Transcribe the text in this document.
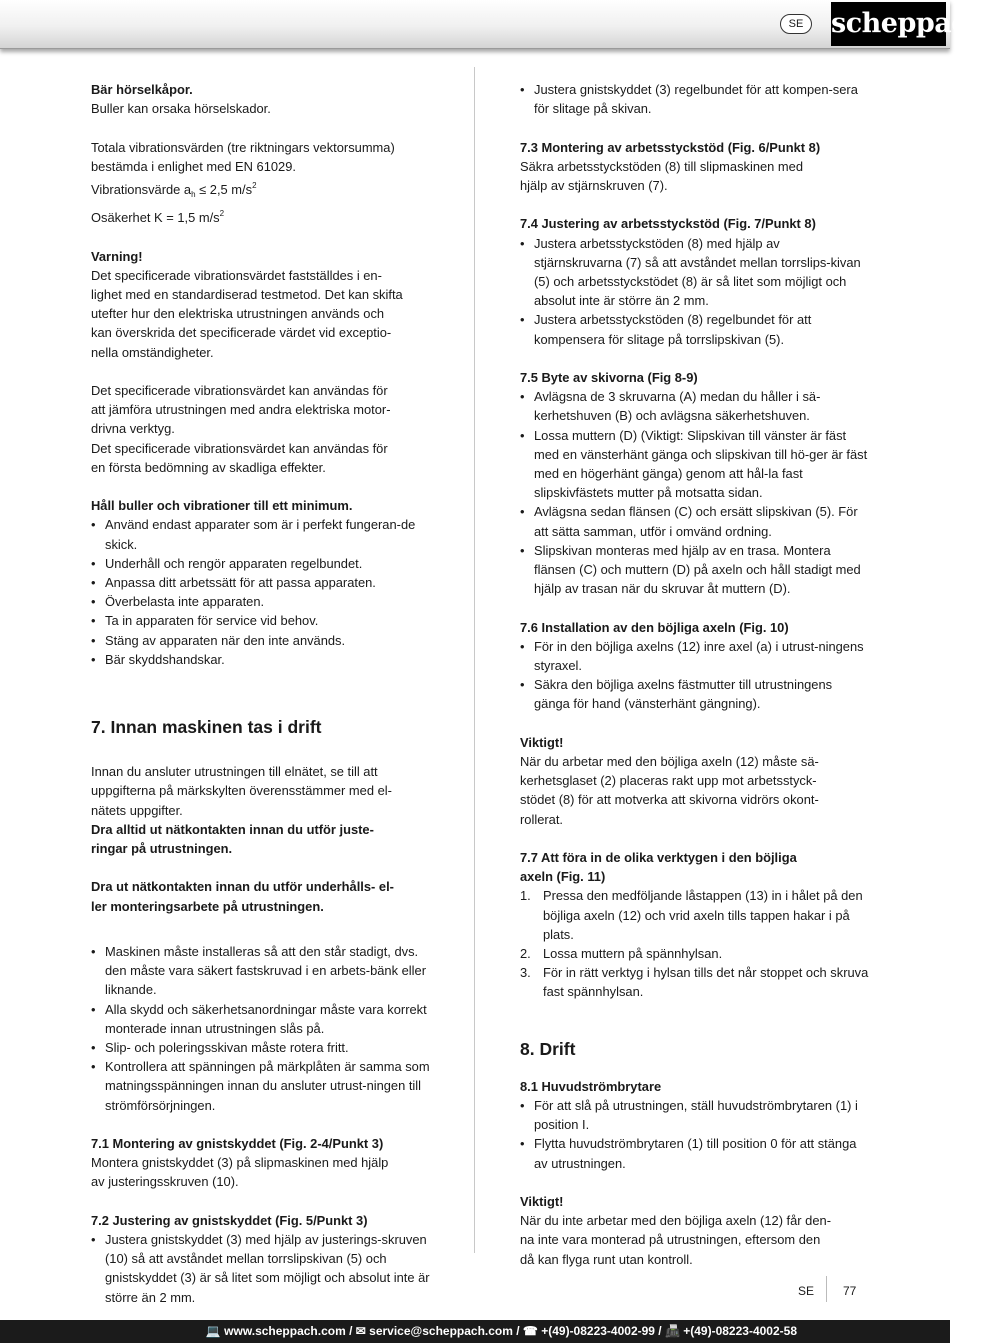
SE	scheppach

Bär hörselkåpor.

Buller kan orsaka hörselskador.

Totala vibrationsvärden (tre riktningars vektorsumma)

bestämda i enlighet med EN 61029.

Vibrationsvärde $a_h \le 2,5$ $m/s^2$

Osäkerhet K = 1,5 $m/s^2$

Varning!

Det specificerade vibrationsvärdet fastställdes i en-

lighet med en standardiserad testmetod. Det kan skifta

utefter hur den elektriska utrustningen används och

kan överskrida det specificerade värdet vid exceptio-

nella omständigheter.

Det specificerade vibrationsvärdet kan användas för

att jämföra utrustningen med andra elektriska motor-

drivna verktyg.

Det specificerade vibrationsvärdet kan användas för

en första bedömning av skadliga effekter.

Håll buller och vibrationer till ett minimum.

• Använd endast apparater som är i perfekt fungeran-de skick.
• Underhåll och rengör apparaten regelbundet.
• Anpassa ditt arbetssätt för att passa apparaten.
• Överbelasta inte apparaten.
• Ta in apparaten för service vid behov.
• Stäng av apparaten när den inte används.
• Bär skyddshandskar.

7. Innan maskinen tas i drift

Innan du ansluter utrustningen till elnätet, se till att

uppgifterna på märkskylten överensstämmer med el-

nätets uppgifter.

Dra alltid ut nätkontakten innan du utför juste-

ringar på utrustningen.

Dra ut nätkontakten innan du utför underhålls- el-

ler monteringsarbete på utrustningen.

• Maskinen måste installeras så att den står stadigt, dvs. den måste vara säkert fastskruvad i en arbets-bänk eller liknande.
• Alla skydd och säkerhetsanordningar måste vara korrekt monterade innan utrustningen slås på.
• Slip- och poleringsskivan måste rotera fritt.
• Kontrollera att spänningen på märkplåten är samma som matningsspänningen innan du ansluter utrust-ningen till strömförsörjningen.

7.1 Montering av gnistskyddet (Fig. 2-4/Punkt 3)

Montera gnistskyddet (3) på slipmaskinen med hjälp

av justeringsskruven (10).

7.2 Justering av gnistskyddet (Fig. 5/Punkt 3)

• Justera gnistskyddet (3) med hjälp av justerings-skruven (10) så att avståndet mellan torrslipskivan (5) och gnistskyddet (3) är så litet som möjligt och absolut inte är större än 2 mm.
• Justera gnistskyddet (3) regelbundet för att kompen-sera för slitage på skivan.

7.3 Montering av arbetsstyckstöd (Fig. 6/Punkt 8)

Säkra arbetsstyckstöden (8) till slipmaskinen med

hjälp av stjärnskruven (7).

7.4 Justering av arbetsstyckstöd (Fig. 7/Punkt 8)

• Justera arbetsstyckstöden (8) med hjälp av stjärnskruvarna (7) så att avståndet mellan torrslips-kivan (5) och arbetsstyckstödet (8) är så litet som möjligt och absolut inte är större än 2 mm.
• Justera arbetsstyckstöden (8) regelbundet för att kompensera för slitage på torrslipskivan (5).

7.5 Byte av skivorna (Fig 8-9)

• Avlägsna de 3 skruvarna (A) medan du håller i sä-kerhetshuven (B) och avlägsna säkerhetshuven.
• Lossa muttern (D) (Viktigt: Slipskivan till vänster är fäst med en vänsterhänt gänga och slipskivan till hö-ger är fäst med en högerhänt gänga) genom att hål-la fast slipskivfästets mutter på motsatta sidan.
• Avlägsna sedan flänsen (C) och ersätt slipskivan (5). För att sätta samman, utför i omvänd ordning.
• Slipskivan monteras med hjälp av en trasa. Montera flänsen (C) och muttern (D) på axeln och håll stadigt med hjälp av trasan när du skruvar åt muttern (D).

7.6 Installation av den böjliga axeln (Fig. 10)

• För in den böjliga axelns (12) inre axel (a) i utrust-ningens styraxel.
• Säkra den böjliga axelns fästmutter till utrustningens gänga för hand (vänsterhänt gängning).

Viktigt!

När du arbetar med den böjliga axeln (12) måste sä-

kerhetsglaset (2) placeras rakt upp mot arbetsstyck-

stödet (8) för att motverka att skivorna vidrörs okont-

rollerat.

7.7 Att föra in de olika verktygen i den böjliga

axeln (Fig. 11)

1. Pressa den medföljande låstappen (13) in i hålet på den böjliga axeln (12) och vrid axeln tills tappen hakar i på plats.
2. Lossa muttern på spännhylsan.
3. För in rätt verktyg i hylsan tills det når stoppet och skruva fast spännhylsan.

8. Drift

8.1 Huvudströmbrytare

• För att slå på utrustningen, ställ huvudströmbrytaren (1) i position I.
• Flytta huvudströmbrytaren (1) till position 0 för att stänga av utrustningen.

Viktigt!

När du inte arbetar med den böjliga axeln (12) får den-

na inte vara monterad på utrustningen, eftersom den

då kan flyga runt utan kontroll.

SE 77
💻 www.scheppach.com / ✉ service@scheppach.com / ☎ +(49)-08223-4002-99 / 📠 +(49)-08223-4002-58
